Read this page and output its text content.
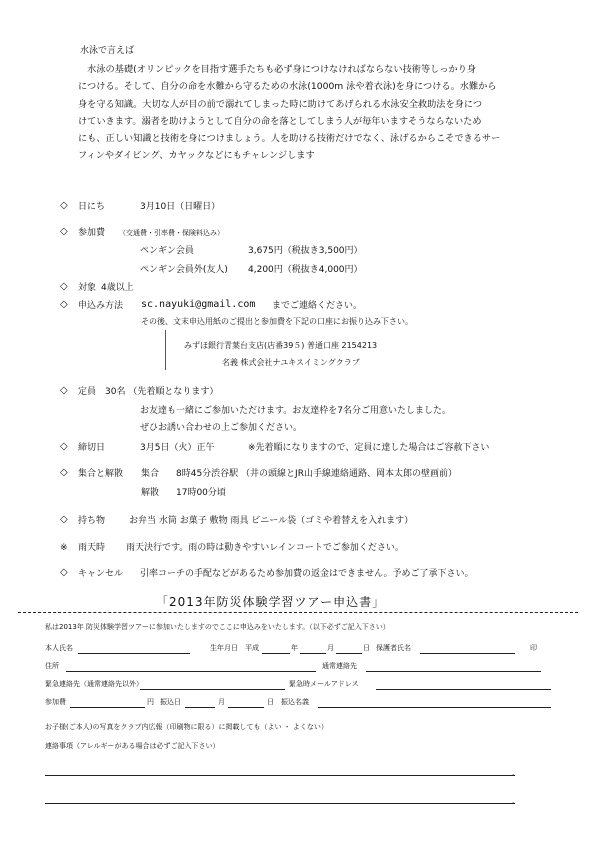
水泳で言えば
　水泳の基礎(オリンピックを目指す選手たちも必ず身につけなければならない技術等しっかり身
につける。そして、自分の命を水難から守るための水泳(1000m 泳や着衣泳)を身につける。水難から
身を守る知識。大切な人が目の前で溺れてしまった時に助けてあげられる水泳安全救助法を身につ
けていきます。溺者を助けようとして自分の命を落としてしまう人が毎年いますそうならないため
にも、正しい知識と技術を身につけましょう。人を助ける技術だけでなく、泳げるからこそできるサー
フィンやダイビング、カヤックなどにもチャレンジします
◇ 日にち	3月10日（日曜日）
◇ 参加費 （交通費・引率費・保険料込み）
ペンギン会員	3,675円（税抜き3,500円）
ペンギン会員外(友人) 4,200円（税抜き4,000円）
◇ 対象 4歳以上
◇ 申込み方法 sc.nayuki@gmail.com までご連絡ください。
その後、文末申込用紙のご提出と参加費を下記の口座にお振り込み下さい。
みずほ銀行青葉台支店(店番39５) 普通口座 2154213
名義 株式会社ナユキスイミングクラブ
◇ 定員 30名 （先着順となります）
お友達も一緒にご参加いただけます。お友達枠を7名分ご用意いたしました。
ぜひお誘い合わせの上ご参加ください。
◇ 締切日	3月5日（火）正午	※先着順になりますので、定員に達した場合はご容赦下さい
◇ 集合と解散 集合 8時45分渋谷駅 （井の頭線とJR山手線連絡通路、岡本太郎の壁画前）
解散 17時00分頃
◇ 持ち物	お弁当 水筒 お菓子 敷物 雨具 ビニール袋（ゴミや着替えを入れます）
※ 雨天時 雨天決行です。雨の時は動きやすいレインコートでご参加ください。
◇ キャンセル 引率コーチの手配などがあるため参加費の返金はできません。予めご了承下さい。
「2013年防災体験学習ツアー申込書」
私は2013年 防災体験学習ツアーに参加いたしますのでここに申込みをいたします。（以下必ずご記入下さい）
本人氏名	生年月日 平成	年	月	日 保護者氏名	印
住所	通常連絡先
緊急連絡先（通常連絡先以外）	緊急時メールアドレス
参加費	円 振込日	月	日 振込名義
お子様(ご本人)の写真をクラブ内広報（印刷物に限る）に掲載しても（よい ・ よくない）
連絡事項（アレルギーがある場合は必ずご記入下さい）
.
.
